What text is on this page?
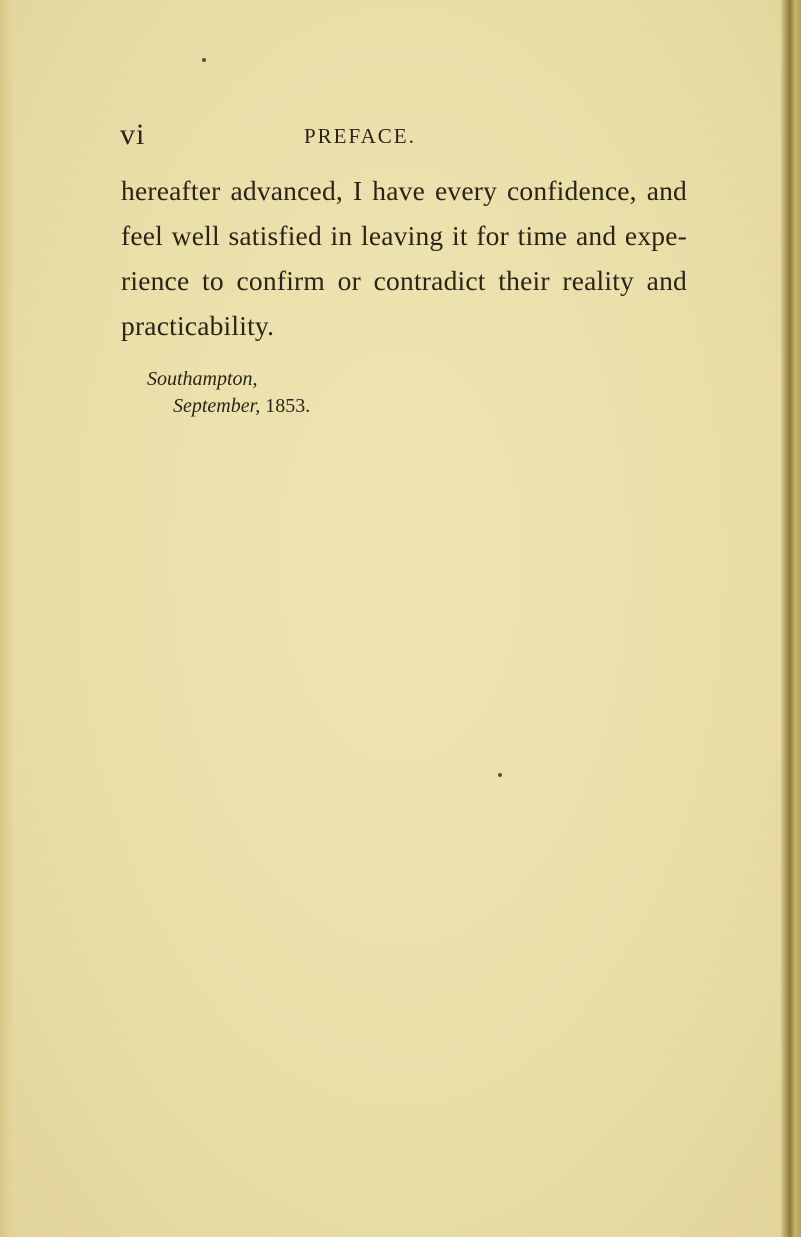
vi	PREFACE.
hereafter advanced, I have every confidence, and
feel well satisfied in leaving it for time and expe-
rience to confirm or contradict their reality and
practicability.
Southampton,
September, 1853.
